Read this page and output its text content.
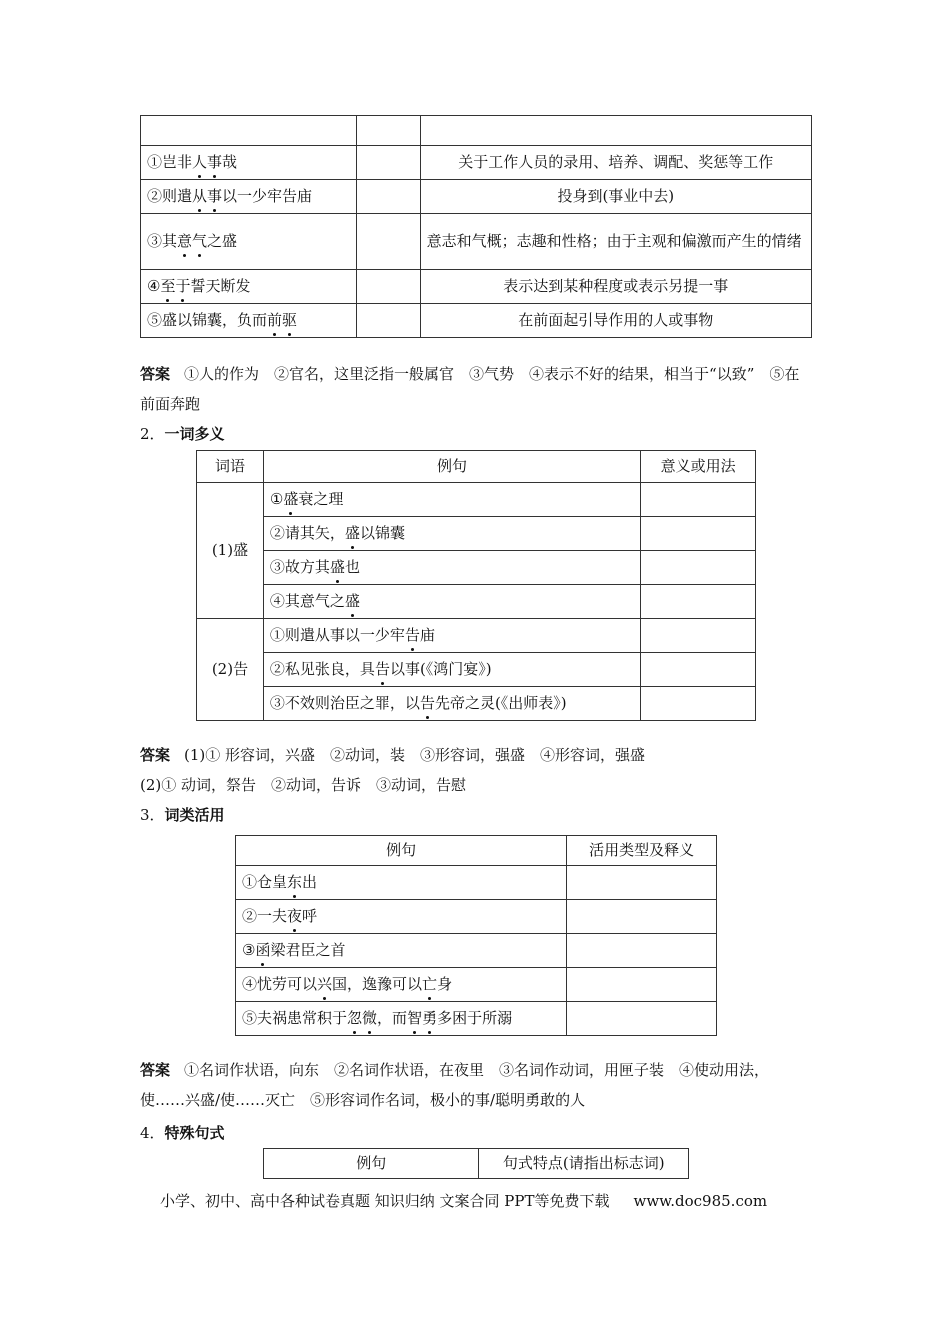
①岂非人事哉		关于工作人员的录用、培养、调配、奖惩等工作
②则遣从事以一少牢告庙		投身到(事业中去)
③其意气之盛		意志和气概；志趣和性格；由于主观和偏激而产生的情绪
④至于誓天断发		表示达到某种程度或表示另提一事
⑤盛以锦囊，负而前驱		在前面起引导作用的人或事物

答案 ①人的作为　②官名，这里泛指一般属官　③气势　④表示不好的结果，相当于“以致”　⑤在前面奔跑

2．一词多义
词语	例句	意义或用法
(1)盛	①盛衰之理	
	②请其矢，盛以锦囊	
	③故方其盛也	
	④其意气之盛	
(2)告	①则遣从事以一少牢告庙	
	②私见张良，具告以事(《鸿门宴》)	
	③不效则治臣之罪，以告先帝之灵(《出师表》)	

答案 (1)① 形容词，兴盛　②动词，装　③形容词，强盛　④形容词，强盛
(2)① 动词，祭告　②动词，告诉　③动词，告慰

3．词类活用
例句	活用类型及释义
①仓皇东出	
②一夫夜呼	
③函梁君臣之首	
④忧劳可以兴国，逸豫可以亡身	
⑤夫祸患常积于忽微，而智勇多困于所溺	

答案 ①名词作状语，向东　②名词作状语，在夜里　③名词作动词，用匣子装　④使动用法，使……兴盛/使……灭亡　⑤形容词作名词，极小的事/聪明勇敢的人

4．特殊句式
例句	句式特点(请指出标志词)
小学、初中、高中各种试卷真题 知识归纳 文案合同 PPT等免费下载 www.doc985.com
